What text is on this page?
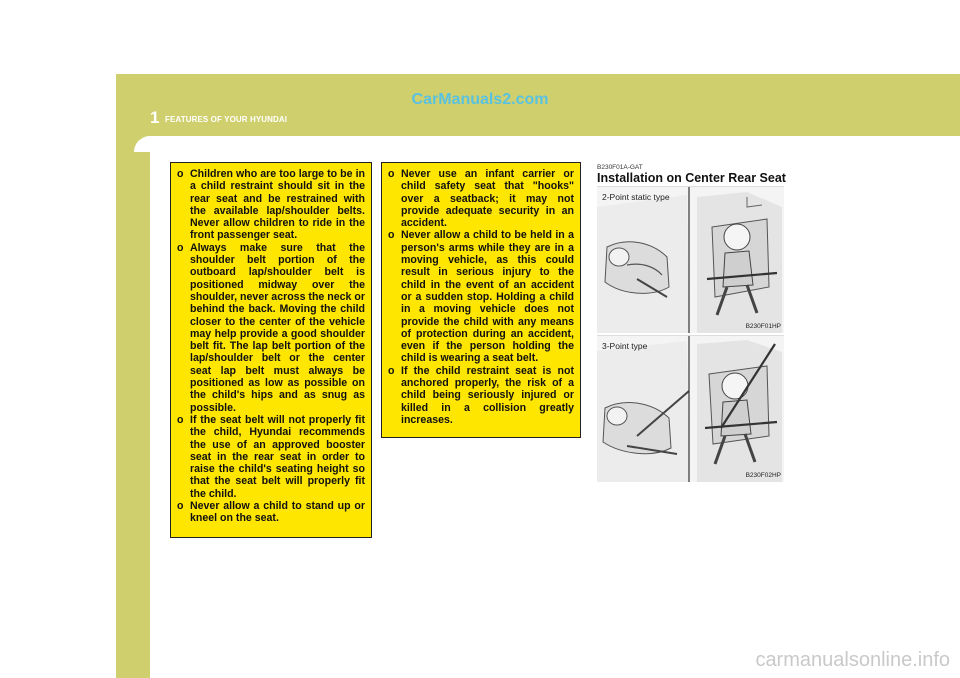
1 FEATURES OF YOUR HYUNDAI
40
CarManuals2.com
carmanualsonline.info
o Children who are too large to be in a child restraint should sit in the rear seat and be restrained with the available lap/shoulder belts. Never allow children to ride in the front passenger seat.
o Always make sure that the shoulder belt portion of the outboard lap/shoulder belt is positioned midway over the shoulder, never across the neck or behind the back. Moving the child closer to the center of the vehicle may help provide a good shoulder belt fit. The lap belt portion of the lap/shoulder belt or the center seat lap belt must always be positioned as low as possible on the child's hips and as snug as possible.
o If the seat belt will not properly fit the child, Hyundai recommends the use of an approved booster seat in the rear seat in order to raise the child's seating height so that the seat belt will properly fit the child.
o Never allow a child to stand up or kneel on the seat.
o Never use an infant carrier or child safety seat that "hooks" over a seatback; it may not provide adequate security in an accident.
o Never allow a child to be held in a person's arms while they are in a moving vehicle, as this could result in serious injury to the child in the event of an accident or a sudden stop. Holding a child in a moving vehicle does not provide the child with any means of protection during an accident, even if the person holding the child is wearing a seat belt.
o If the child restraint seat is not anchored properly, the risk of a child being seriously injured or killed in a collision greatly increases.
B230F01A-GAT
Installation on Center Rear Seat
2-Point static type
B230F01HP
3-Point type
B230F02HP
